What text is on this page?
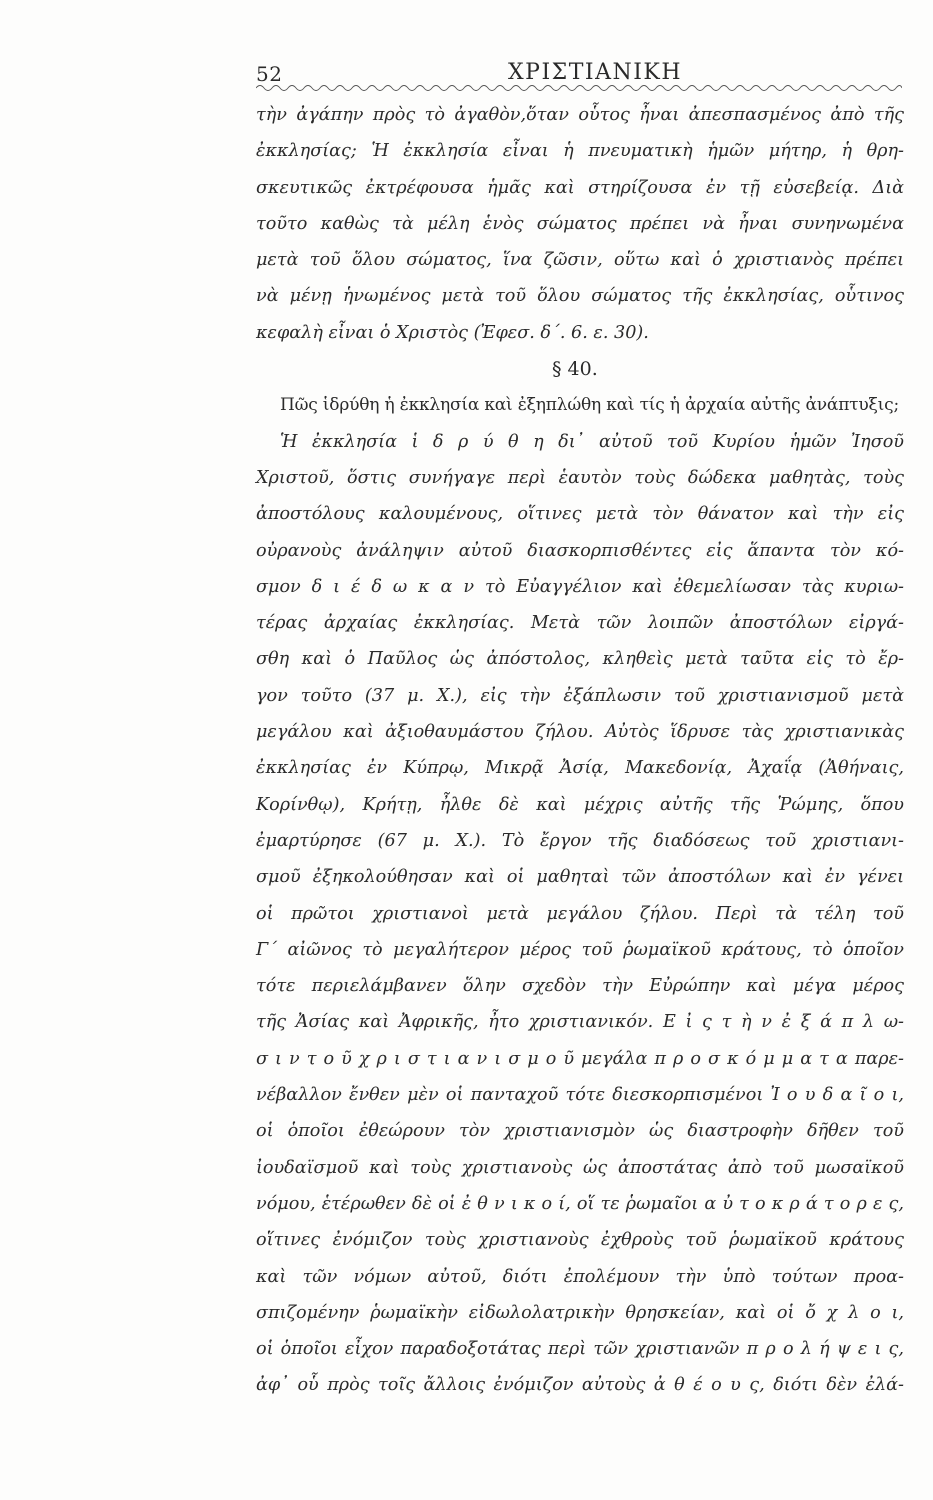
52	ΧΡΙΣΤΙΑΝΙΚΗ
τὴν ἀγάπην πρὸς τὸ ἀγαθὸν,ὅταν οὗτος ἦναι ἀπεσπασμένος ἀπὸ τῆς
ἐκκλησίας; Ἡ ἐκκλησία εἶναι ἡ πνευματικὴ ἡμῶν μήτηρ, ἡ θρη-
σκευτικῶς ἐκτρέφουσα ἡμᾶς καὶ στηρίζουσα ἐν τῇ εὐσεβείᾳ. Διὰ
τοῦτο καθὼς τὰ μέλη ἑνὸς σώματος πρέπει νὰ ἦναι συνηνωμένα
μετὰ τοῦ ὅλου σώματος, ἵνα ζῶσιν, οὕτω καὶ ὁ χριστιανὸς πρέπει
νὰ μένῃ ἡνωμένος μετὰ τοῦ ὅλου σώματος τῆς ἐκκλησίας, οὗτινος
κεφαλὴ εἶναι ὁ Χριστὸς (Ἐφεσ. δ΄. 6. ε. 30).
§ 40.
Πῶς ἱδρύθη ἡ ἐκκλησία καὶ ἐξηπλώθη καὶ τίς ἡ ἀρχαία αὐτῆς ἀνάπτυξις;
Ἡ ἐκκλησία ἱ δ ρ ύ θ η δι᾽ αὐτοῦ τοῦ Κυρίου ἡμῶν Ἰησοῦ
Χριστοῦ, ὅστις συνήγαγε περὶ ἑαυτὸν τοὺς δώδεκα μαθητὰς, τοὺς
ἀποστόλους καλουμένους, οἵτινες μετὰ τὸν θάνατον καὶ τὴν εἰς
οὐρανοὺς ἀνάληψιν αὐτοῦ διασκορπισθέντες εἰς ἅπαντα τὸν κό-
σμον δ ι έ δ ω κ α ν τὸ Εὐαγγέλιον καὶ ἐθεμελίωσαν τὰς κυριω-
τέρας ἀρχαίας ἐκκλησίας. Μετὰ τῶν λοιπῶν ἀποστόλων εἰργά-
σθη καὶ ὁ Παῦλος ὡς ἀπόστολος, κληθεὶς μετὰ ταῦτα εἰς τὸ ἔρ-
γον τοῦτο (37 μ. Χ.), εἰς τὴν ἐξάπλωσιν τοῦ χριστιανισμοῦ μετὰ
μεγάλου καὶ ἀξιοθαυμάστου ζήλου. Αὐτὸς ἵδρυσε τὰς χριστιανικὰς
ἐκκλησίας ἐν Κύπρῳ, Μικρᾷ Ἀσίᾳ, Μακεδονίᾳ, Ἀχαΐᾳ (Ἀθήναις,
Κορίνθῳ), Κρήτῃ, ἦλθε δὲ καὶ μέχρις αὐτῆς τῆς Ῥώμης, ὅπου
ἐμαρτύρησε (67 μ. Χ.). Τὸ ἔργον τῆς διαδόσεως τοῦ χριστιανι-
σμοῦ ἐξηκολούθησαν καὶ οἱ μαθηταὶ τῶν ἀποστόλων καὶ ἐν γένει
οἱ πρῶτοι χριστιανοὶ μετὰ μεγάλου ζήλου. Περὶ τὰ τέλη τοῦ
Γ΄ αἰῶνος τὸ μεγαλήτερον μέρος τοῦ ῥωμαϊκοῦ κράτους, τὸ ὁποῖον
τότε περιελάμβανεν ὅλην σχεδὸν τὴν Εὐρώπην καὶ μέγα μέρος
τῆς Ἀσίας καὶ Ἀφρικῆς, ἦτο χριστιανικόν. Ε ἰ ς τ ὴ ν ἐ ξ ά π λ ω-
σ ι ν τ ο ῦ χ ρ ι σ τ ι α ν ι σ μ ο ῦ μεγάλα π ρ ο σ κ ό μ μ α τ α παρε-
νέβαλλον ἔνθεν μὲν οἱ πανταχοῦ τότε διεσκορπισμένοι Ἰ ο υ δ α ῖ ο ι,
οἱ ὁποῖοι ἐθεώρουν τὸν χριστιανισμὸν ὡς διαστροφὴν δῆθεν τοῦ
ἰουδαϊσμοῦ καὶ τοὺς χριστιανοὺς ὡς ἀποστάτας ἀπὸ τοῦ μωσαϊκοῦ
νόμου, ἑτέρωθεν δὲ οἱ ἐ θ ν ι κ ο ί, οἵ τε ῥωμαῖοι α ὐ τ ο κ ρ ά τ ο ρ ε ς,
οἵτινες ἐνόμιζον τοὺς χριστιανοὺς ἐχθροὺς τοῦ ῥωμαϊκοῦ κράτους
καὶ τῶν νόμων αὐτοῦ, διότι ἐπολέμουν τὴν ὑπὸ τούτων προα-
σπιζομένην ῥωμαϊκὴν εἰδωλολατρικὴν θρησκείαν, καὶ οἱ ὄ χ λ ο ι,
οἱ ὁποῖοι εἶχον παραδοξοτάτας περὶ τῶν χριστιανῶν π ρ ο λ ή ψ ε ι ς,
ἀφ᾽ οὗ πρὸς τοῖς ἄλλοις ἐνόμιζον αὐτοὺς ἀ θ έ ο υ ς, διότι δὲν ἐλά-
